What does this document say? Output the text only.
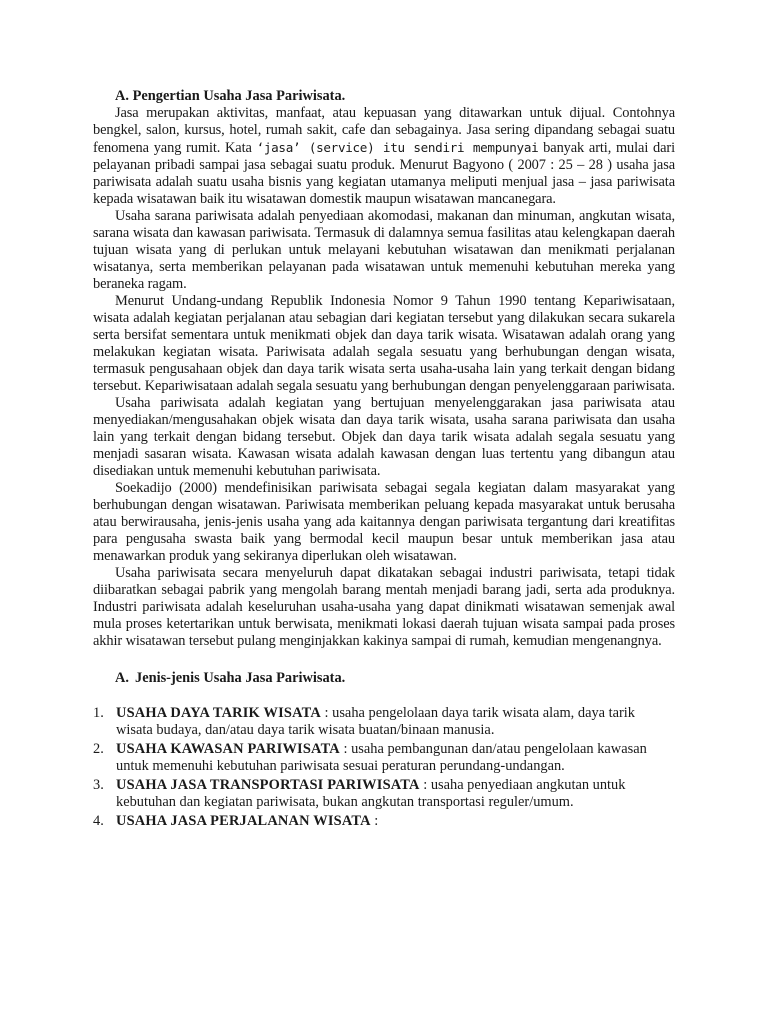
A. Pengertian Usaha Jasa Pariwisata.

Jasa merupakan aktivitas, manfaat, atau kepuasan yang ditawarkan untuk dijual. Contohnya bengkel, salon, kursus, hotel, rumah sakit, cafe dan sebagainya. Jasa sering dipandang sebagai suatu fenomena yang rumit. Kata ‘jasa’ (service) itu sendiri mempunyai banyak arti, mulai dari pelayanan pribadi sampai jasa sebagai suatu produk. Menurut Bagyono ( 2007 : 25 – 28 ) usaha jasa pariwisata adalah suatu usaha bisnis yang kegiatan utamanya meliputi menjual jasa – jasa pariwisata kepada wisatawan baik itu wisatawan domestik maupun wisatawan mancanegara.

Usaha sarana pariwisata adalah penyediaan akomodasi, makanan dan minuman, angkutan wisata, sarana wisata dan kawasan pariwisata. Termasuk di dalamnya semua fasilitas atau kelengkapan daerah tujuan wisata yang di perlukan untuk melayani kebutuhan wisatawan dan menikmati perjalanan wisatanya, serta memberikan pelayanan pada wisatawan untuk memenuhi kebutuhan mereka yang beraneka ragam.

Menurut Undang-undang Republik Indonesia Nomor 9 Tahun 1990 tentang Kepariwisataan, wisata adalah kegiatan perjalanan atau sebagian dari kegiatan tersebut yang dilakukan secara sukarela serta bersifat sementara untuk menikmati objek dan daya tarik wisata. Wisatawan adalah orang yang melakukan kegiatan wisata. Pariwisata adalah segala sesuatu yang berhubungan dengan wisata, termasuk pengusahaan objek dan daya tarik wisata serta usaha-usaha lain yang terkait dengan bidang tersebut. Kepariwisataan adalah segala sesuatu yang berhubungan dengan penyelenggaraan pariwisata.

Usaha pariwisata adalah kegiatan yang bertujuan menyelenggarakan jasa pariwisata atau menyediakan/mengusahakan objek wisata dan daya tarik wisata, usaha sarana pariwisata dan usaha lain yang terkait dengan bidang tersebut. Objek dan daya tarik wisata adalah segala sesuatu yang menjadi sasaran wisata. Kawasan wisata adalah kawasan dengan luas tertentu yang dibangun atau disediakan untuk memenuhi kebutuhan pariwisata.

Soekadijo (2000) mendefinisikan pariwisata sebagai segala kegiatan dalam masyarakat yang berhubungan dengan wisatawan. Pariwisata memberikan peluang kepada masyarakat untuk berusaha atau berwirausaha, jenis-jenis usaha yang ada kaitannya dengan pariwisata tergantung dari kreatifitas para pengusaha swasta baik yang bermodal kecil maupun besar untuk memberikan jasa atau menawarkan produk yang sekiranya diperlukan oleh wisatawan.

Usaha pariwisata secara menyeluruh dapat dikatakan sebagai industri pariwisata, tetapi tidak diibaratkan sebagai pabrik yang mengolah barang mentah menjadi barang jadi, serta ada produknya. Industri pariwisata adalah keseluruhan usaha-usaha yang dapat dinikmati wisatawan semenjak awal mula proses ketertarikan untuk berwisata, menikmati lokasi daerah tujuan wisata sampai pada proses akhir wisatawan tersebut pulang menginjakkan kakinya sampai di rumah, kemudian mengenangnya.

A. Jenis-jenis Usaha Jasa Pariwisata.
1. USAHA DAYA TARIK WISATA : usaha pengelolaan daya tarik wisata alam, daya tarik wisata budaya, dan/atau daya tarik wisata buatan/binaan manusia.
2. USAHA KAWASAN PARIWISATA : usaha pembangunan dan/atau pengelolaan kawasan untuk memenuhi kebutuhan pariwisata sesuai peraturan perundang-undangan.
3. USAHA JASA TRANSPORTASI PARIWISATA : usaha penyediaan angkutan untuk kebutuhan dan kegiatan pariwisata, bukan angkutan transportasi reguler/umum.
4. USAHA JASA PERJALANAN WISATA :
